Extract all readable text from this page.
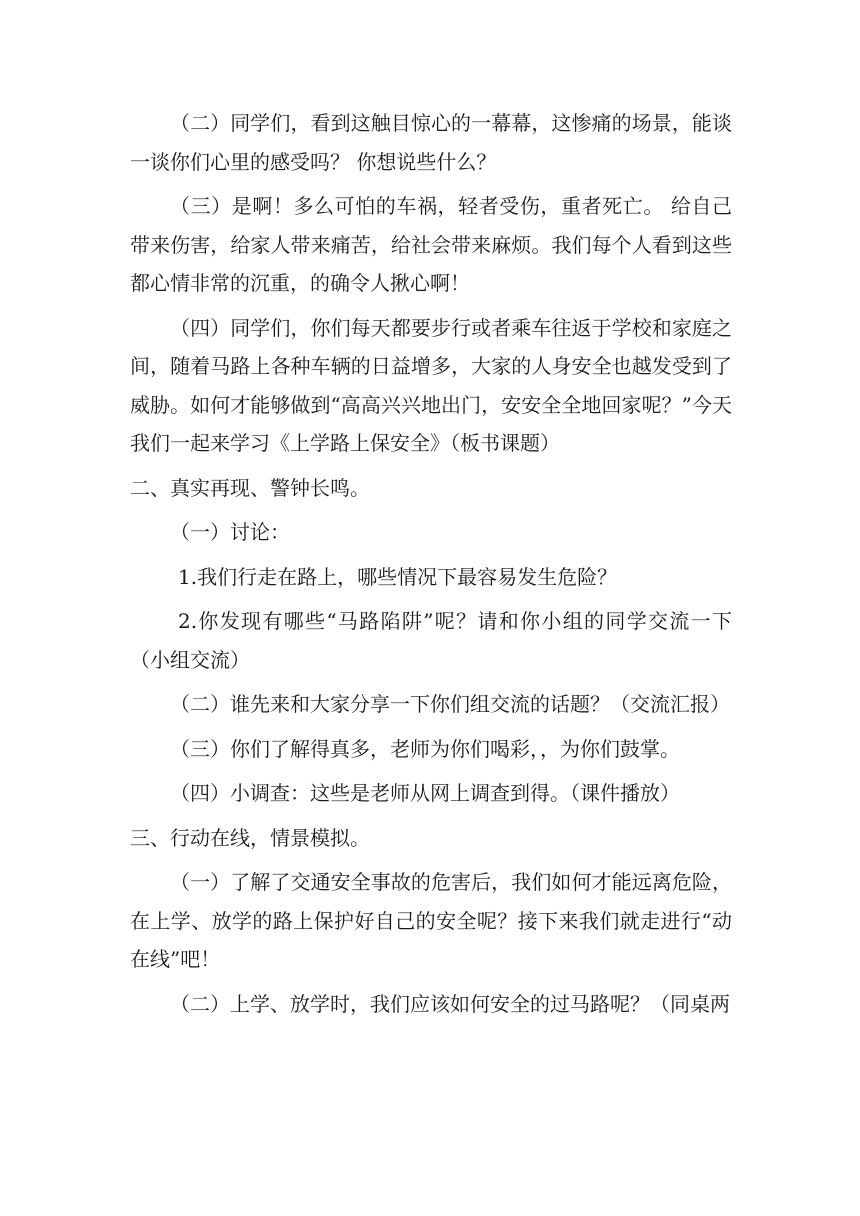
（二）同学们，看到这触目惊心的一幕幕，这惨痛的场景，能谈一谈你们心里的感受吗？ 你想说些什么？

（三）是啊！多么可怕的车祸，轻者受伤，重者死亡。 给自己带来伤害，给家人带来痛苦，给社会带来麻烦。我们每个人看到这些都心情非常的沉重，的确令人揪心啊！

（四）同学们，你们每天都要步行或者乘车往返于学校和家庭之间，随着马路上各种车辆的日益增多，大家的人身安全也越发受到了威胁。如何才能够做到“高高兴兴地出门，安安全全地回家呢？”今天我们一起来学习《上学路上保安全》（板书课题）

二、真实再现、警钟长鸣。

（一）讨论：

1.我们行走在路上，哪些情况下最容易发生危险？

2.你发现有哪些“马路陷阱”呢？请和你小组的同学交流一下（小组交流）

（二）谁先来和大家分享一下你们组交流的话题？（交流汇报）

（三）你们了解得真多，老师为你们喝彩，，为你们鼓掌。

（四）小调查：这些是老师从网上调查到得。（课件播放）

三、行动在线，情景模拟。

（一）了解了交通安全事故的危害后，我们如何才能远离危险，在上学、放学的路上保护好自己的安全呢？接下来我们就走进行“动在线”吧！

（二）上学、放学时，我们应该如何安全的过马路呢？（同桌两
